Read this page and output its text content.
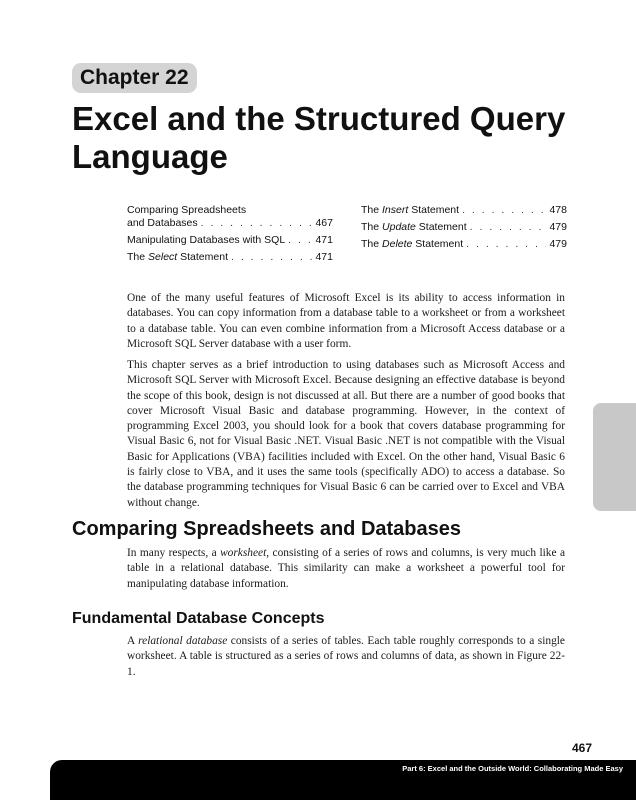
Chapter 22
Excel and the Structured Query Language
Comparing Spreadsheets
and Databases . . .	467
Manipulating Databases with SQL . . .	471
The Select Statement . . .	471
The Insert Statement . . .	478
The Update Statement . . .	479
The Delete Statement . . .	479

One of the many useful features of Microsoft Excel is its ability to access information in databases. You can copy information from a database table to a worksheet or from a worksheet to a database table. You can even combine information from a Microsoft Access database or a Microsoft SQL Server database with a user form.

This chapter serves as a brief introduction to using databases such as Microsoft Access and Microsoft SQL Server with Microsoft Excel. Because designing an effective database is beyond the scope of this book, design is not discussed at all. But there are a number of good books that cover Microsoft Visual Basic and database programming. However, in the context of programming Excel 2003, you should look for a book that covers database programming for Visual Basic 6, not for Visual Basic .NET. Visual Basic .NET is not compatible with the Visual Basic for Applications (VBA) facilities included with Excel. On the other hand, Visual Basic 6 is fairly close to VBA, and it uses the same tools (specifically ADO) to access a database. So the database programming techniques for Visual Basic 6 can be carried over to Excel and VBA without change.

Comparing Spreadsheets and Databases

In many respects, a worksheet, consisting of a series of rows and columns, is very much like a table in a relational database. This similarity can make a worksheet a powerful tool for manipulating database information.

Fundamental Database Concepts

A relational database consists of a series of tables. Each table roughly corresponds to a single worksheet. A table is structured as a series of rows and columns of data, as shown in Figure 22-1.

467
Part 6: Excel and the Outside World: Collaborating Made Easy
